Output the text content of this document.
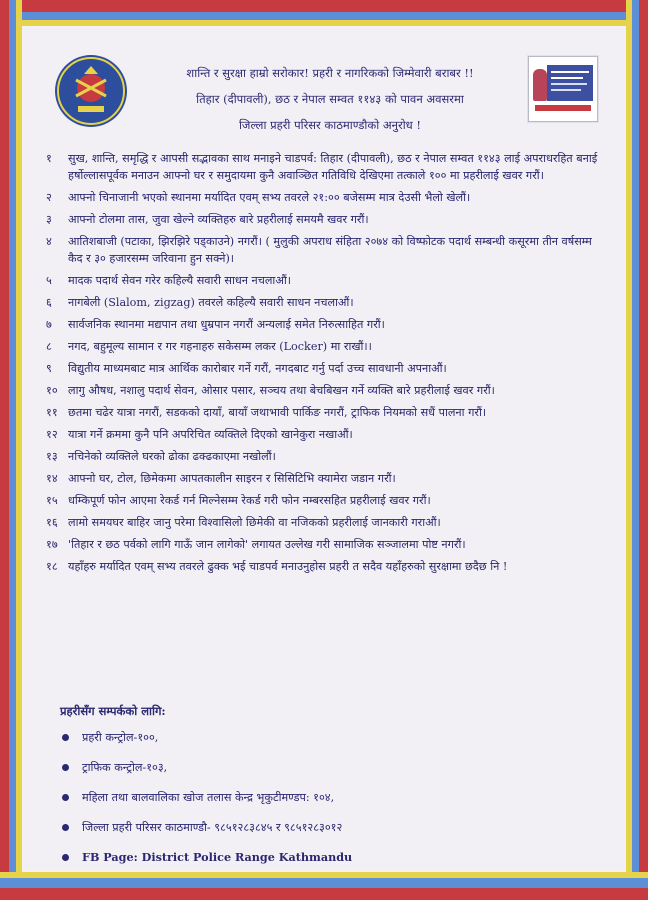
शान्ति र सुरक्षा हाम्रो सरोकार! प्रहरी र नागरिकको जिम्मेवारी बराबर !!
तिहार (दीपावली), छठ र नेपाल सम्वत ११४३ को पावन अवसरमा
जिल्ला प्रहरी परिसर काठमाण्डौको अनुरोध !
१	सुख, शान्ति, समृद्धि र आपसी सद्भावका साथ मनाइने चाडपर्व: तिहार (दीपावली), छठ र नेपाल सम्वत ११४३ लाई अपराधरहित बनाई हर्षोल्लासपूर्वक मनाउन आफ्नो घर र समुदायमा कुनै अवाञ्छित गतिविधि देखिएमा तत्काले १०० मा प्रहरीलाई खवर गरौं।
२	आफ्नो चिनाजानी भएको स्थानमा मर्यादित एवम् सभ्य तवरले २१:०० बजेसम्म मात्र देउसी भैलो खेलौं।
३	आफ्नो टोलमा तास, जुवा खेल्ने व्यक्तिहरु बारे प्रहरीलाई समयमै खवर गरौं।
४	आतिशबाजी (पटाका, झिरझिरे पड्काउने) नगरौं। ( मुलुकी अपराध संहिता २०७४ को विष्फोटक पदार्थ सम्बन्धी कसूरमा तीन वर्षसम्म कैद र ३० हजारसम्म जरिवाना हुन सक्ने)।
५	मादक पदार्थ सेवन गरेर कहिल्यै सवारी साधन नचलाऔं।
६	नागबेली (Slalom, zigzag) तवरले कहिल्यै सवारी साधन नचलाऔं।
७	सार्वजनिक स्थानमा मद्यपान तथा धुम्रपान नगरौं अन्यलाई समेत निरुत्साहित गरौं।
८	नगद, बहुमूल्य सामान र गर गहनाहरु सकेसम्म लकर (Locker) मा राखौं।।
९	विद्युतीय माध्यमबाट मात्र आर्थिक कारोबार गर्ने गरौं, नगदबाट गर्नु पर्दा उच्च सावधानी अपनाऔं।
१० लागु औषध, नशालु पदार्थ सेवन, ओसार पसार, सञ्चय तथा बेचबिखन गर्ने व्यक्ति बारे प्रहरीलाई खवर गरौं।
११ छतमा चढेर यात्रा नगरौं, सडकको दायाँ, बायाँ जथाभावी पार्किङ नगरौं, ट्राफिक नियमको सधैं पालना गरौं।
१२ यात्रा गर्ने क्रममा कुनै पनि अपरिचित व्यक्तिले दिएको खानेकुरा नखाऔं।
१३ नचिनेको व्यक्तिले घरको ढोका ढक्ढकाएमा नखोलौं।
१४ आफ्नो घर, टोल, छिमेकमा आपतकालीन साइरन र सिसिटिभि क्यामेरा जडान गरौं।
१५ धम्किपूर्ण फोन आएमा रेकर्ड गर्न मिल्नेसम्म रेकर्ड गरी फोन नम्बरसहित प्रहरीलाई खवर गरौं।
१६ लामो समयघर बाहिर जानु परेमा विश्वासिलो छिमेकी वा नजिकको प्रहरीलाई जानकारी गराऔं।
१७ 'तिहार र छठ पर्वको लागि गाऊँ जान लागेको' लगायत उल्लेख गरी सामाजिक सञ्जालमा पोष्ट नगरौं।
१८ यहाँहरु मर्यादित एवम् सभ्य तवरले ढुक्क भई चाडपर्व मनाउनुहोस प्रहरी त सदैव यहाँहरुको सुरक्षामा छदैछ नि !
प्रहरीसँग सम्पर्कको लागि:
प्रहरी कन्ट्रोल-१००,
ट्राफिक कन्ट्रोल-१०३,
महिला तथा बालवालिका खोज तलास केन्द्र भृकुटीमण्डप: १०४,
जिल्ला प्रहरी परिसर काठमाण्डौ- ९८५१२८३८४५ र ९८५१२८३०१२
FB Page: District Police Range Kathmandu
